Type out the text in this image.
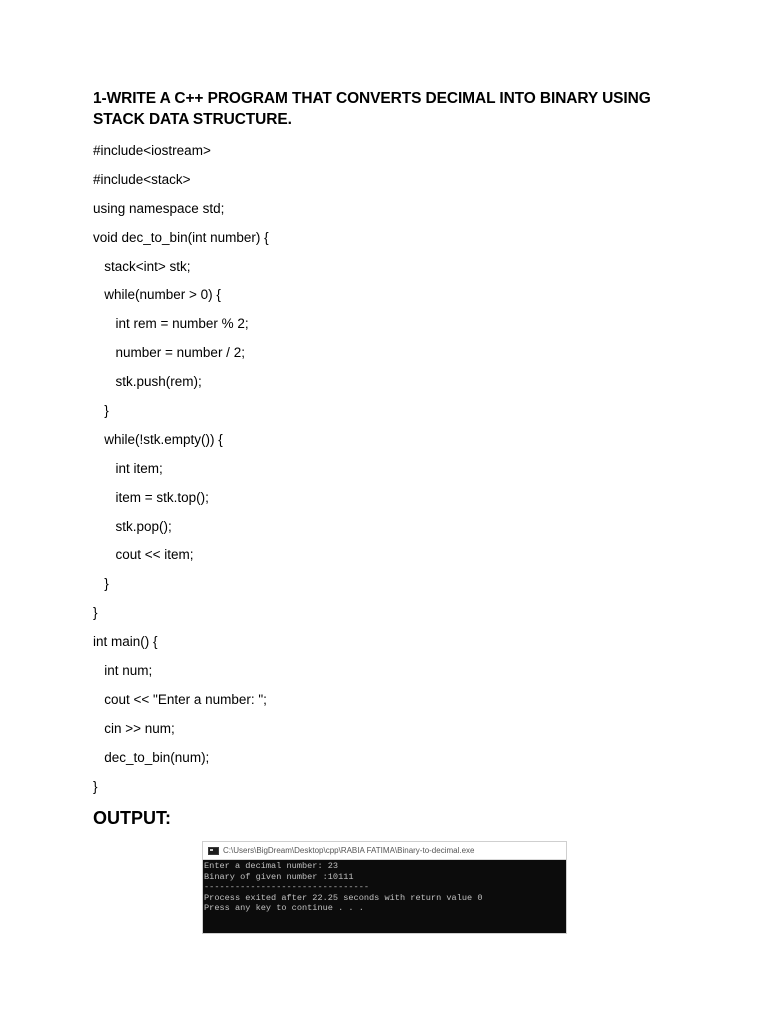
1-WRITE A C++ PROGRAM THAT CONVERTS DECIMAL INTO BINARY USING STACK DATA STRUCTURE.
#include<iostream>
#include<stack>
using namespace std;
void dec_to_bin(int number) {
stack<int> stk;
while(number > 0) {
int rem = number % 2;
number = number / 2;
stk.push(rem);
}
while(!stk.empty()) {
int item;
item = stk.top();
stk.pop();
cout << item;
}
}
int main() {
int num;
cout << "Enter a number: ";
cin >> num;
dec_to_bin(num);
}
OUTPUT:
C:\Users\BigDream\Desktop\cpp\RABIA FATIMA\Binary-to-decimal.exe
Enter a decimal number: 23
Binary of given number :10111
--------------------------------
Process exited after 22.25 seconds with return value 0
Press any key to continue . . .
